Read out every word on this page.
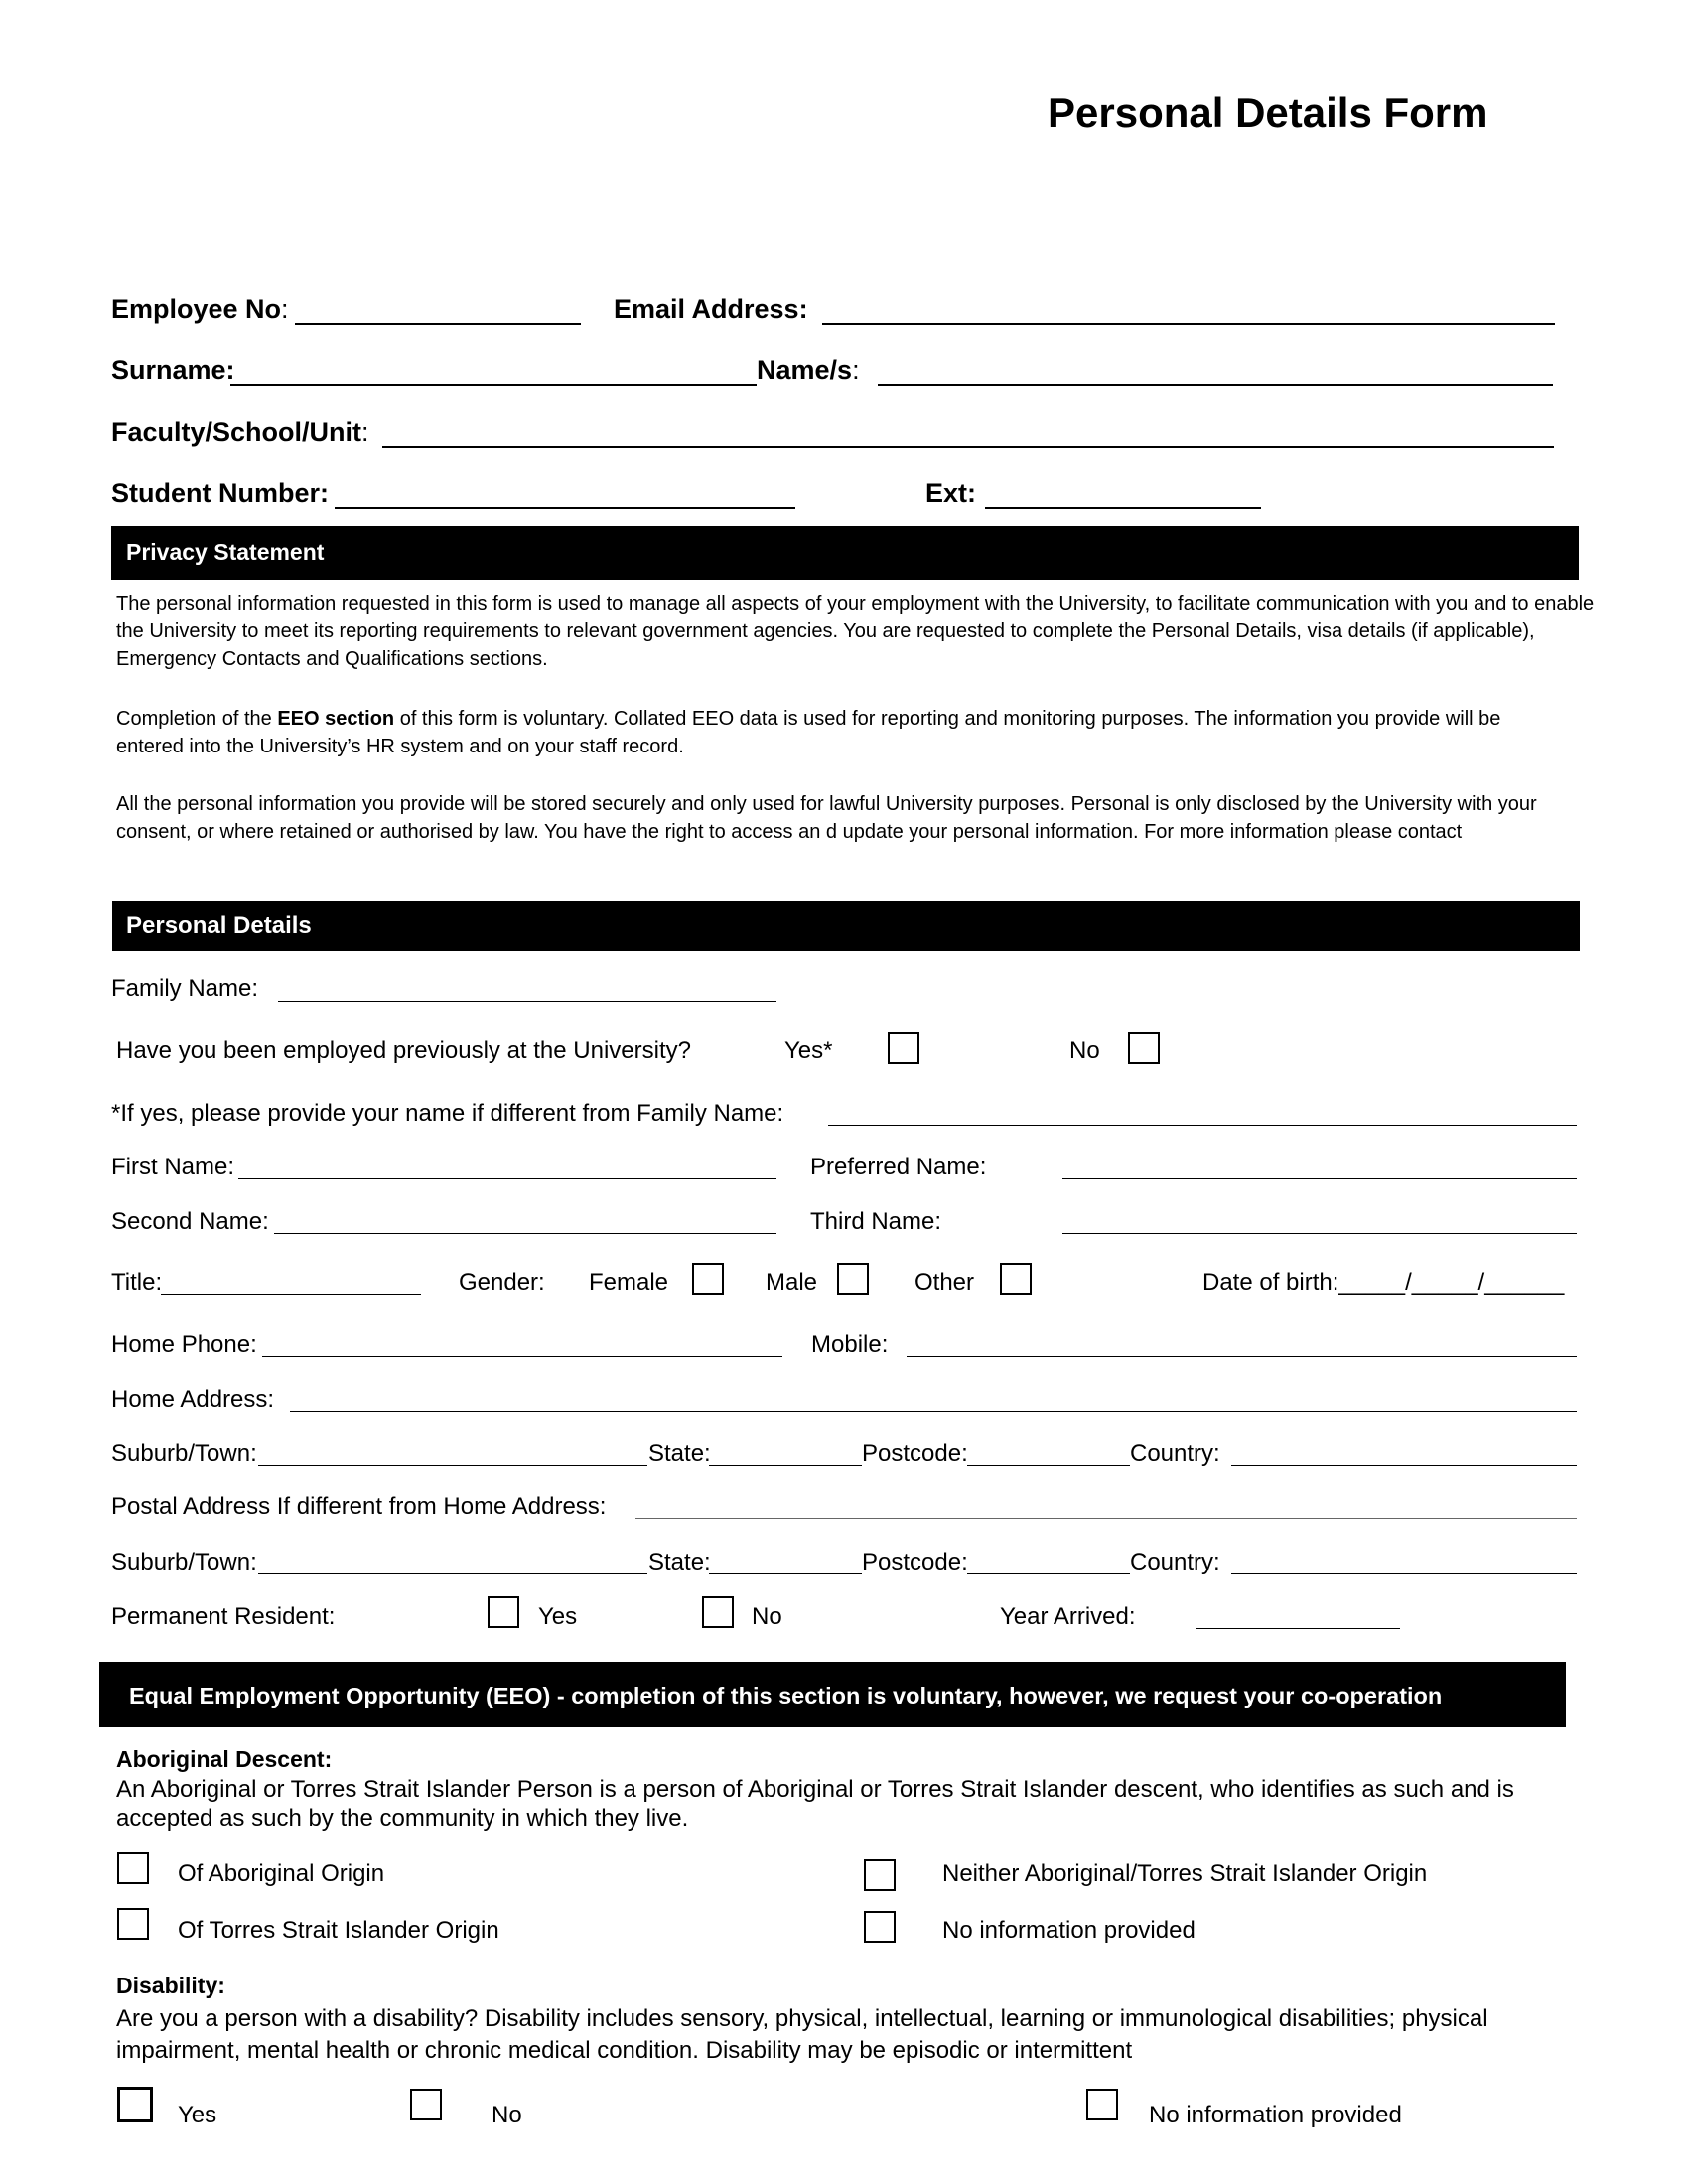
Personal Details Form
Employee No:	Email Address:
Surname:	Name/s:
Faculty/School/Unit:
Student Number:	Ext:
Privacy Statement
The personal information requested in this form is used to manage all aspects of your employment with the University, to facilitate communication with you and to enable the University to meet its reporting requirements to relevant government agencies. You are requested to complete the Personal Details, visa details (if applicable), Emergency Contacts and Qualifications sections.
Completion of the EEO section of this form is voluntary. Collated EEO data is used for reporting and monitoring purposes. The information you provide will be entered into the University’s HR system and on your staff record.
All the personal information you provide will be stored securely and only used for lawful University purposes. Personal is only disclosed by the University with your consent, or where retained or authorised by law. You have the right to access an d update your personal information. For more information please contact
Personal Details
Family Name:
Have you been employed previously at the University?	Yes*	No
*If yes, please provide your name if different from Family Name:
First Name:	Preferred Name:
Second Name:	Third Name:
Title:	Gender: Female	Male	Other	Date of birth:_____/_____/______
Home Phone:	Mobile:
Home Address:
Suburb/Town:	State:	Postcode:	Country:
Postal Address If different from Home Address:
Suburb/Town:	State:	Postcode:	Country:
Permanent Resident:	Yes	No	Year Arrived:
Equal Employment Opportunity (EEO) - completion of this section is voluntary, however, we request your co-operation
Aboriginal Descent:
An Aboriginal or Torres Strait Islander Person is a person of Aboriginal or Torres Strait Islander descent, who identifies as such and is accepted as such by the community in which they live.
Of Aboriginal Origin	Neither Aboriginal/Torres Strait Islander Origin
Of Torres Strait Islander Origin	No information provided
Disability:
Are you a person with a disability? Disability includes sensory, physical, intellectual, learning or immunological disabilities; physical impairment, mental health or chronic medical condition. Disability may be episodic or intermittent
Yes	No	No information provided
